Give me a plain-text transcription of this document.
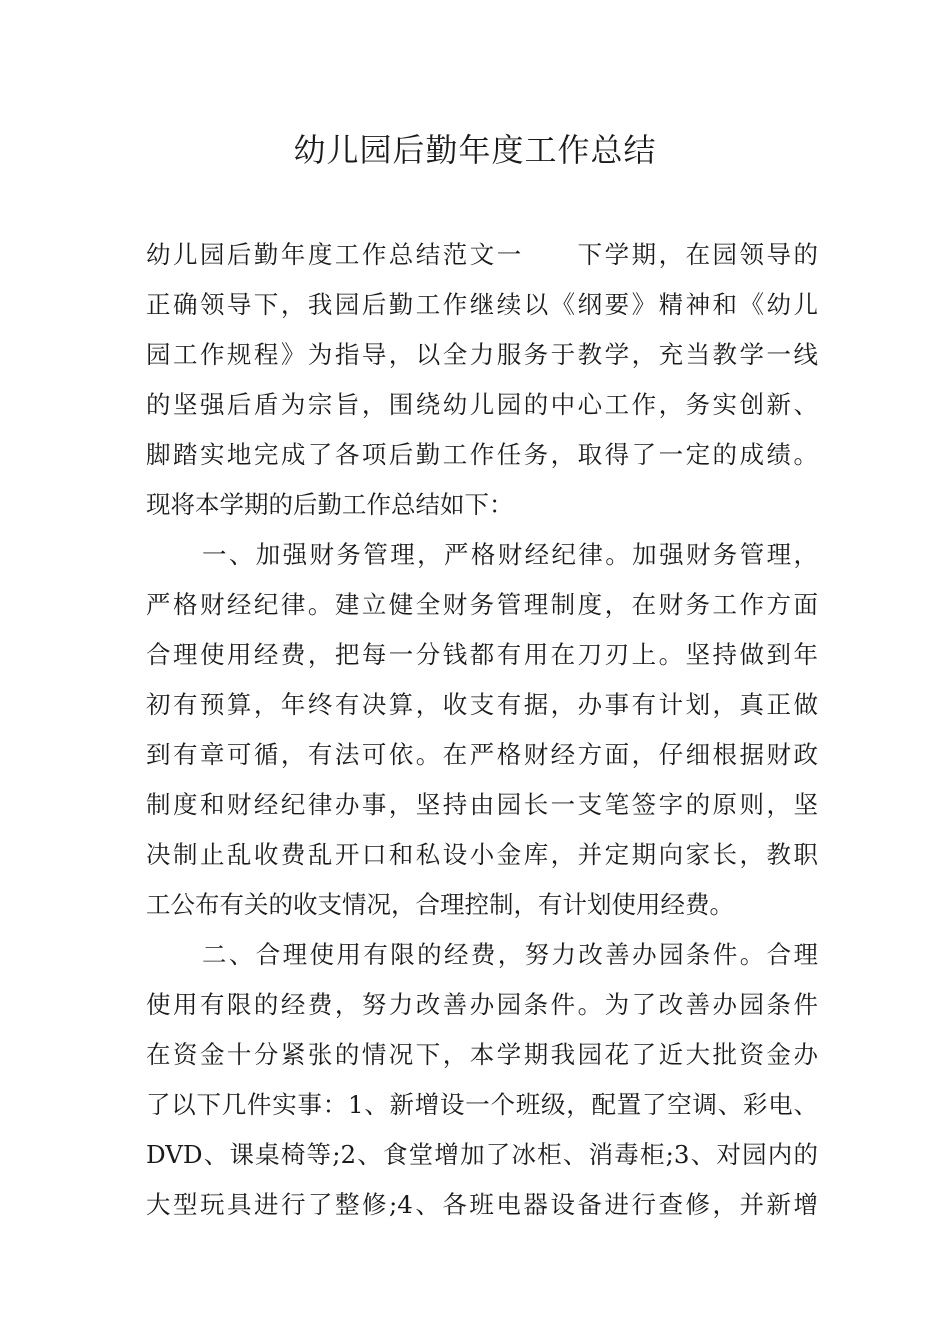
幼儿园后勤年度工作总结
幼儿园后勤年度工作总结范文一　　下学期，在园领导的
正确领导下，我园后勤工作继续以《纲要》精神和《幼儿
园工作规程》为指导，以全力服务于教学，充当教学一线
的坚强后盾为宗旨，围绕幼儿园的中心工作，务实创新、
脚踏实地完成了各项后勤工作任务，取得了一定的成绩。
现将本学期的后勤工作总结如下：
一、加强财务管理，严格财经纪律。加强财务管理，
严格财经纪律。建立健全财务管理制度，在财务工作方面
合理使用经费，把每一分钱都有用在刀刃上。坚持做到年
初有预算，年终有决算，收支有据，办事有计划，真正做
到有章可循，有法可依。在严格财经方面，仔细根据财政
制度和财经纪律办事，坚持由园长一支笔签字的原则，坚
决制止乱收费乱开口和私设小金库，并定期向家长，教职
工公布有关的收支情况，合理控制，有计划使用经费。
二、合理使用有限的经费，努力改善办园条件。合理
使用有限的经费，努力改善办园条件。为了改善办园条件
在资金十分紧张的情况下，本学期我园花了近大批资金办
了以下几件实事：1、新增设一个班级，配置了空调、彩电、
DVD、课桌椅等;2、食堂增加了冰柜、消毒柜;3、对园内的
大型玩具进行了整修;4、各班电器设备进行查修，并新增
